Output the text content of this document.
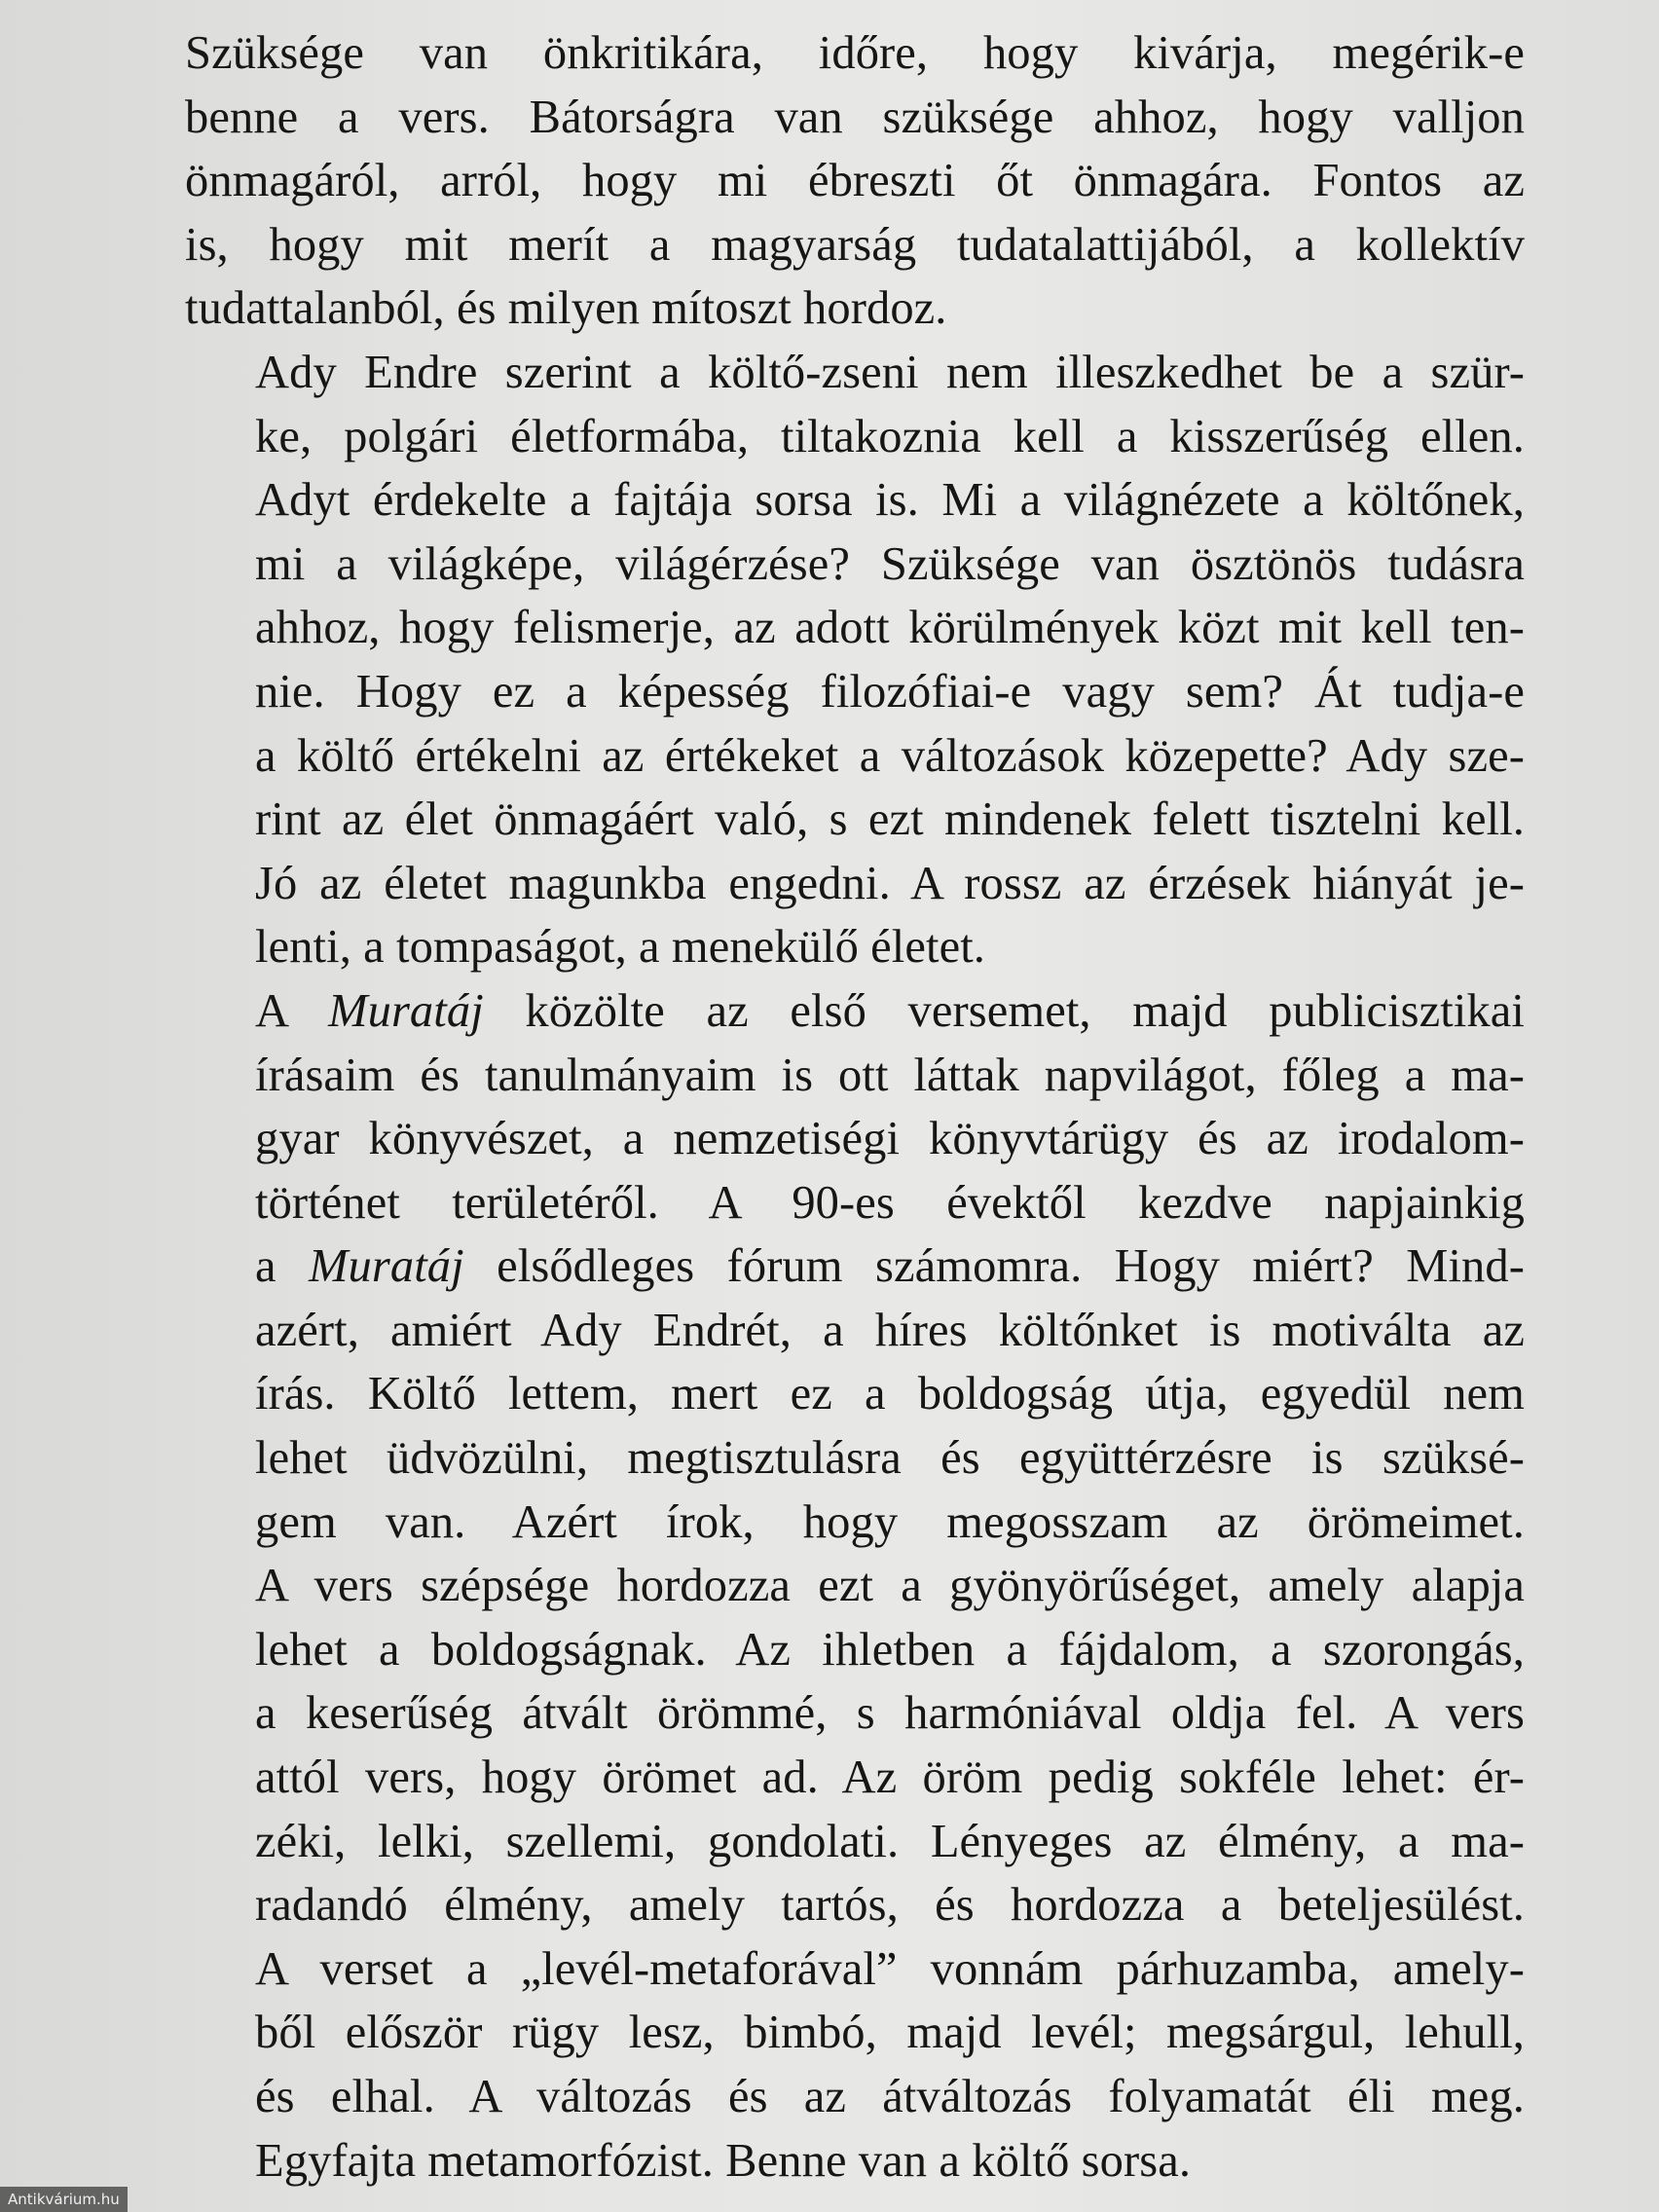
Szüksége van önkritikára, időre, hogy kivárja, megérik-e
benne a vers. Bátorságra van szüksége ahhoz, hogy valljon
önmagáról, arról, hogy mi ébreszti őt önmagára. Fontos az
is, hogy mit merít a magyarság tudatalattijából, a kollektív
tudattalanból, és milyen mítoszt hordoz.

Ady Endre szerint a költő-zseni nem illeszkedhet be a szür-
ke, polgári életformába, tiltakoznia kell a kisszerűség ellen.
Adyt érdekelte a fajtája sorsa is. Mi a világnézete a költőnek,
mi a világképe, világérzése? Szüksége van ösztönös tudásra
ahhoz, hogy felismerje, az adott körülmények közt mit kell ten-
nie. Hogy ez a képesség filozófiai-e vagy sem? Át tudja-e
a költő értékelni az értékeket a változások közepette? Ady sze-
rint az élet önmagáért való, s ezt mindenek felett tisztelni kell.
Jó az életet magunkba engedni. A rossz az érzések hiányát je-
lenti, a tompaságot, a menekülő életet.

A Muratáj közölte az első versemet, majd publicisztikai
írásaim és tanulmányaim is ott láttak napvilágot, főleg a ma-
gyar könyvészet, a nemzetiségi könyvtárügy és az irodalom-
történet területéről. A 90-es évektől kezdve napjainkig
a Muratáj elsődleges fórum számomra. Hogy miért? Mind-
azért, amiért Ady Endrét, a híres költőnket is motiválta az
írás. Költő lettem, mert ez a boldogság útja, egyedül nem
lehet üdvözülni, megtisztulásra és együttérzésre is szüksé-
gem van. Azért írok, hogy megosszam az örömeimet.
A vers szépsége hordozza ezt a gyönyörűséget, amely alapja
lehet a boldogságnak. Az ihletben a fájdalom, a szorongás,
a keserűség átvált örömmé, s harmóniával oldja fel. A vers
attól vers, hogy örömet ad. Az öröm pedig sokféle lehet: ér-
zéki, lelki, szellemi, gondolati. Lényeges az élmény, a ma-
radandó élmény, amely tartós, és hordozza a beteljesülést.
A verset a „levél-metaforával” vonnám párhuzamba, amely-
ből először rügy lesz, bimbó, majd levél; megsárgul, lehull,
és elhal. A változás és az átváltozás folyamatát éli meg.
Egyfajta metamorfózist. Benne van a költő sorsa.

Antikvárium.hu
